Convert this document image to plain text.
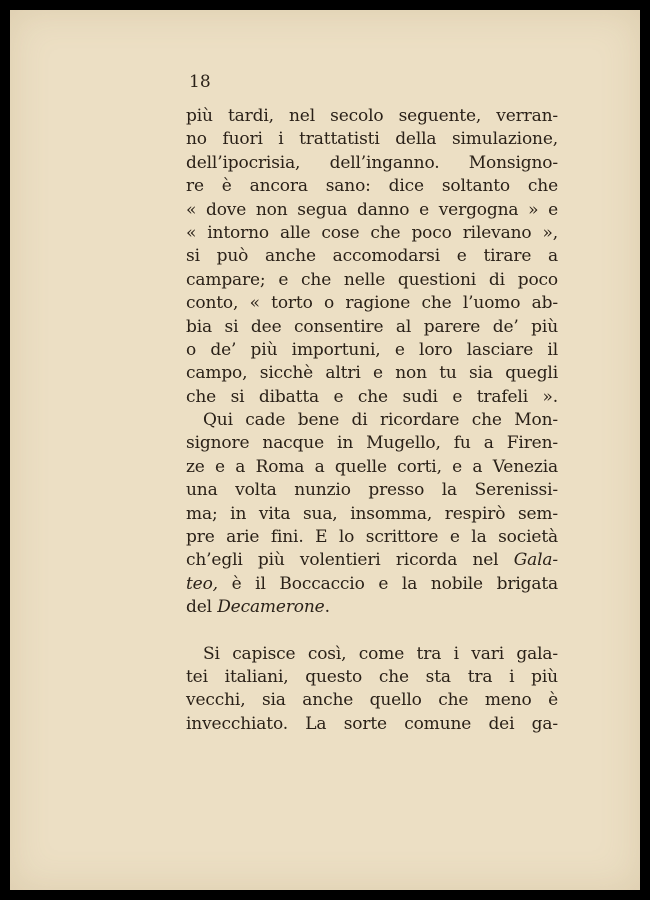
18
più tardi, nel secolo seguente, verran-
no fuori i trattatisti della simulazione,
dell’ipocrisia, dell’inganno. Monsigno-
re è ancora sano: dice soltanto che
« dove non segua danno e vergogna » e
« intorno alle cose che poco rilevano »,
si può anche accomodarsi e tirare a
campare; e che nelle questioni di poco
conto, « torto o ragione che l’uomo ab-
bia si dee consentire al parere de’ più
o de’ più importuni, e loro lasciare il
campo, sicchè altri e non tu sia quegli
che si dibatta e che sudi e trafeli ».
Qui cade bene di ricordare che Mon-
signore nacque in Mugello, fu a Firen-
ze e a Roma a quelle corti, e a Venezia
una volta nunzio presso la Serenissi-
ma; in vita sua, insomma, respirò sem-
pre arie fini. E lo scrittore e la società
ch’egli più volentieri ricorda nel Gala-
teo, è il Boccaccio e la nobile brigata
del Decamerone.
Si capisce così, come tra i vari gala-
tei italiani, questo che sta tra i più
vecchi, sia anche quello che meno è
invecchiato. La sorte comune dei ga-
